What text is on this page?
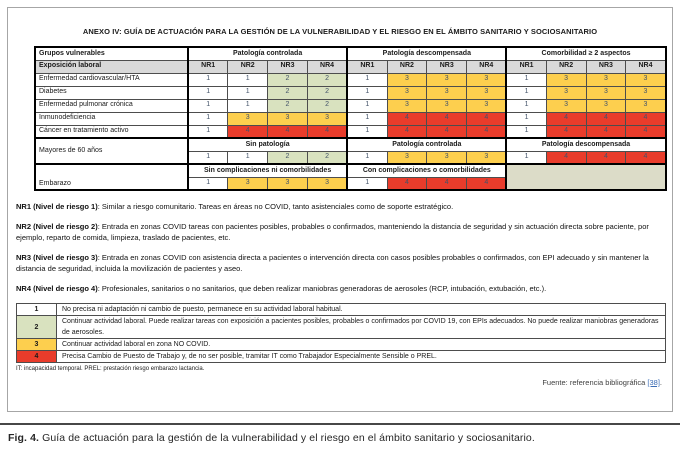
ANEXO IV: GUÍA DE ACTUACIÓN PARA LA GESTIÓN DE LA VULNERABILIDAD Y EL RIESGO EN EL ÁMBITO SANITARIO Y SOCIOSANITARIO
Grupos vulnerables	Patología controlada				Patología descompensada				Comorbilidad ≥ 2 aspectos			
Exposición laboral	NR1	NR2	NR3	NR4	NR1	NR2	NR3	NR4	NR1	NR2	NR3	NR4
Enfermedad cardiovascular/HTA	1	1	2	2	1	3	3	3	1	3	3	3
Diabetes	1	1	2	2	1	3	3	3	1	3	3	3
Enfermedad pulmonar crónica	1	1	2	2	1	3	3	3	1	3	3	3
Inmunodeficiencia	1	3	3	3	1	4	4	4	1	4	4	4
Cáncer en tratamiento activo	1	4	4	4	1	4	4	4	1	4	4	4
Mayores de 60 años	Sin patología				Patología controlada				Patología descompensada			
	1	1	2	2	1	3	3	3	1	4	4	4
Embarazo	Sin complicaciones ni comorbilidades				Con complicaciones o comorbilidades							
	1	3	3	3	1	4	4	4				

NR1 (Nivel de riesgo 1): Similar a riesgo comunitario. Tareas en áreas no COVID, tanto asistenciales como de soporte estratégico.

NR2 (Nivel de riesgo 2): Entrada en zonas COVID tareas con pacientes posibles, probables o confirmados, manteniendo la distancia de seguridad y sin actuación directa sobre paciente, por ejemplo, reparto de comida, limpieza, traslado de pacientes, etc.

NR3 (Nivel de riesgo 3): Entrada en zonas COVID con asistencia directa a pacientes o intervención directa con casos posibles probables o confirmados, con EPI adecuado y sin mantener la distancia de seguridad, incluida la movilización de pacientes y aseo.

NR4 (Nivel de riesgo 4): Profesionales, sanitarios o no sanitarios, que deben realizar maniobras generadoras de aerosoles (RCP, intubación, extubación, etc.).

1	No precisa ni adaptación ni cambio de puesto, permanece en su actividad laboral habitual.
2	Continuar actividad laboral. Puede realizar tareas con exposición a pacientes posibles, probables o confirmados por COVID 19, con EPIs adecuados. No puede realizar maniobras generadoras de aerosoles.
3	Continuar actividad laboral en zona NO COVID.
4	Precisa Cambio de Puesto de Trabajo y, de no ser posible, tramitar IT como Trabajador Especialmente Sensible o PREL.
IT: incapacidad temporal. PREL: prestación riesgo embarazo lactancia.
Fuente: referencia bibliográfica [38].

Fig. 4. Guía de actuación para la gestión de la vulnerabilidad y el riesgo en el ámbito sanitario y sociosanitario.
